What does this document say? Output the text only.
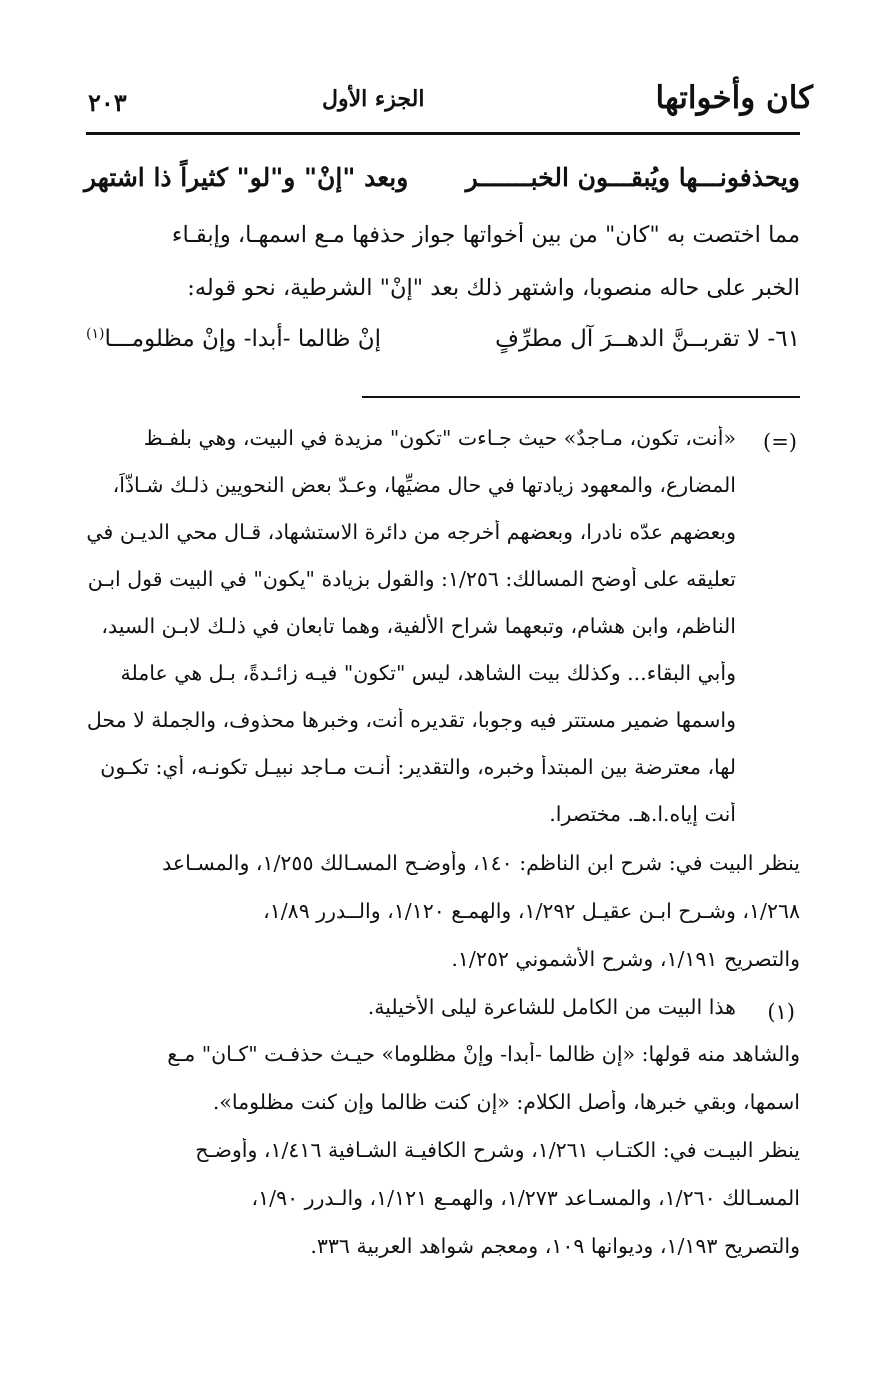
كان وأخواتها
الجزء الأول
٢٠٣
ويحذفونـــها ويُبقـــون الخبـــــــر
وبعد "إنْ" و"لو" كثيراً ذا اشتهر
مما اختصت به "كان" من بين أخواتها جواز حذفها مـع اسمهـا، وإبقـاء
الخبر على حاله منصوبا، واشتهر ذلك بعد "إنْ" الشرطية، نحو قوله:
٦١- لا تقربــنَّ الدهــرَ آل مطرِّفٍ
إنْ ظالما -أبدا- وإنْ مظلومـــا$^{(١)}$
(=)
«أنت، تكون، مـاجدٌ» حيث جـاءت "تكون" مزيدة في البيت، وهي بلفـظ
المضارع، والمعهود زيادتها في حال مضيِّها، وعـدّ بعض النحويين ذلـك شـاذّاً،
وبعضهم عدّه نادرا، وبعضهم أخرجه من دائرة الاستشهاد، قـال محي الديـن في
تعليقه على أوضح المسالك: ١/٢٥٦: والقول بزيادة "يكون" في البيت قول ابـن
الناظم، وابن هشام، وتبعهما شراح الألفية، وهما تابعان في ذلـك لابـن السيد،
وأبي البقاء... وكذلك بيت الشاهد، ليس "تكون" فيـه زائـدةً، بـل هي عاملة
واسمها ضمير مستتر فيه وجوبا، تقديره أنت، وخبرها محذوف، والجملة لا محل
لها، معترضة بين المبتدأ وخبره، والتقدير: أنـت مـاجد نبيـل تكونـه، أي: تكـون
أنت إياه.ا.هـ. مختصرا.
ينظر البيت في: شرح ابن الناظم: ١٤٠، وأوضـح المسـالك ١/٢٥٥، والمسـاعد
١/٢٦٨، وشـرح ابـن عقيـل ١/٢٩٢، والهمـع ١/١٢٠، والــدرر ١/٨٩،
والتصريح ١/١٩١، وشرح الأشموني ١/٢٥٢.
(١)
هذا البيت من الكامل للشاعرة ليلى الأخيلية.
والشاهد منه قولها: «إن ظالما -أبدا- وإنْ مظلوما» حيـث حذفـت "كـان" مـع
اسمها، وبقي خبرها، وأصل الكلام: «إن كنت ظالما وإن كنت مظلوما».
ينظر البيـت في: الكتـاب ١/٢٦١، وشرح الكافيـة الشـافية ١/٤١٦، وأوضـح
المسـالك ١/٢٦٠، والمسـاعد ١/٢٧٣، والهمـع ١/١٢١، والـدرر ١/٩٠،
والتصريح ١/١٩٣، وديوانها ١٠٩، ومعجم شواهد العربية ٣٣٦.
